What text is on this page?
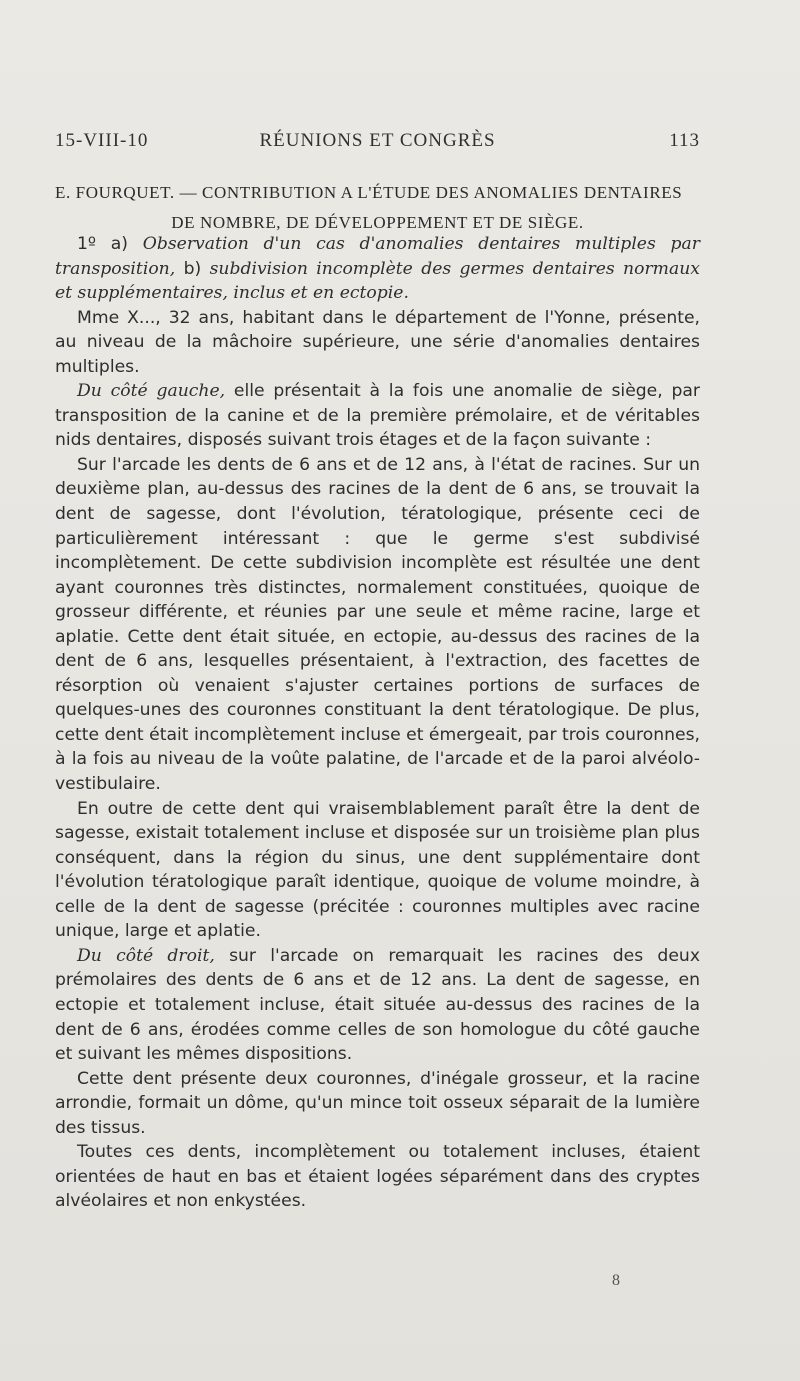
15-VIII-10	RÉUNIONS ET CONGRÈS	113
E. FOURQUET. — CONTRIBUTION A L'ÉTUDE DES ANOMALIES DENTAIRES
DE NOMBRE, DE DÉVELOPPEMENT ET DE SIÈGE.

1º a) Observation d'un cas d'anomalies dentaires multiples par transposition, b) subdivision incomplète des germes dentaires normaux et supplémentaires, inclus et en ectopie.

Mme X..., 32 ans, habitant dans le département de l'Yonne, présente, au niveau de la mâchoire supérieure, une série d'anomalies dentaires multiples.

Du côté gauche, elle présentait à la fois une anomalie de siège, par transposition de la canine et de la première prémolaire, et de véritables nids dentaires, disposés suivant trois étages et de la façon suivante :

Sur l'arcade les dents de 6 ans et de 12 ans, à l'état de racines. Sur un deuxième plan, au-dessus des racines de la dent de 6 ans, se trouvait la dent de sagesse, dont l'évolution, tératologique, présente ceci de particulièrement intéressant : que le germe s'est subdivisé incomplètement. De cette subdivision incomplète est résultée une dent ayant couronnes très distinctes, normalement constituées, quoique de grosseur différente, et réunies par une seule et même racine, large et aplatie. Cette dent était située, en ectopie, au-dessus des racines de la dent de 6 ans, lesquelles présentaient, à l'extraction, des facettes de résorption où venaient s'ajuster certaines portions de surfaces de quelques-unes des couronnes constituant la dent tératologique. De plus, cette dent était incomplètement incluse et émergeait, par trois couronnes, à la fois au niveau de la voûte palatine, de l'arcade et de la paroi alvéolo-vestibulaire.

En outre de cette dent qui vraisemblablement paraît être la dent de sagesse, existait totalement incluse et disposée sur un troisième plan plus conséquent, dans la région du sinus, une dent supplémentaire dont l'évolution tératologique paraît identique, quoique de volume moindre, à celle de la dent de sagesse (précitée : couronnes multiples avec racine unique, large et aplatie.

Du côté droit, sur l'arcade on remarquait les racines des deux prémolaires des dents de 6 ans et de 12 ans. La dent de sagesse, en ectopie et totalement incluse, était située au-dessus des racines de la dent de 6 ans, érodées comme celles de son homologue du côté gauche et suivant les mêmes dispositions.

Cette dent présente deux couronnes, d'inégale grosseur, et la racine arrondie, formait un dôme, qu'un mince toit osseux séparait de la lumière des tissus.

Toutes ces dents, incomplètement ou totalement incluses, étaient orientées de haut en bas et étaient logées séparément dans des cryptes alvéolaires et non enkystées.

8
